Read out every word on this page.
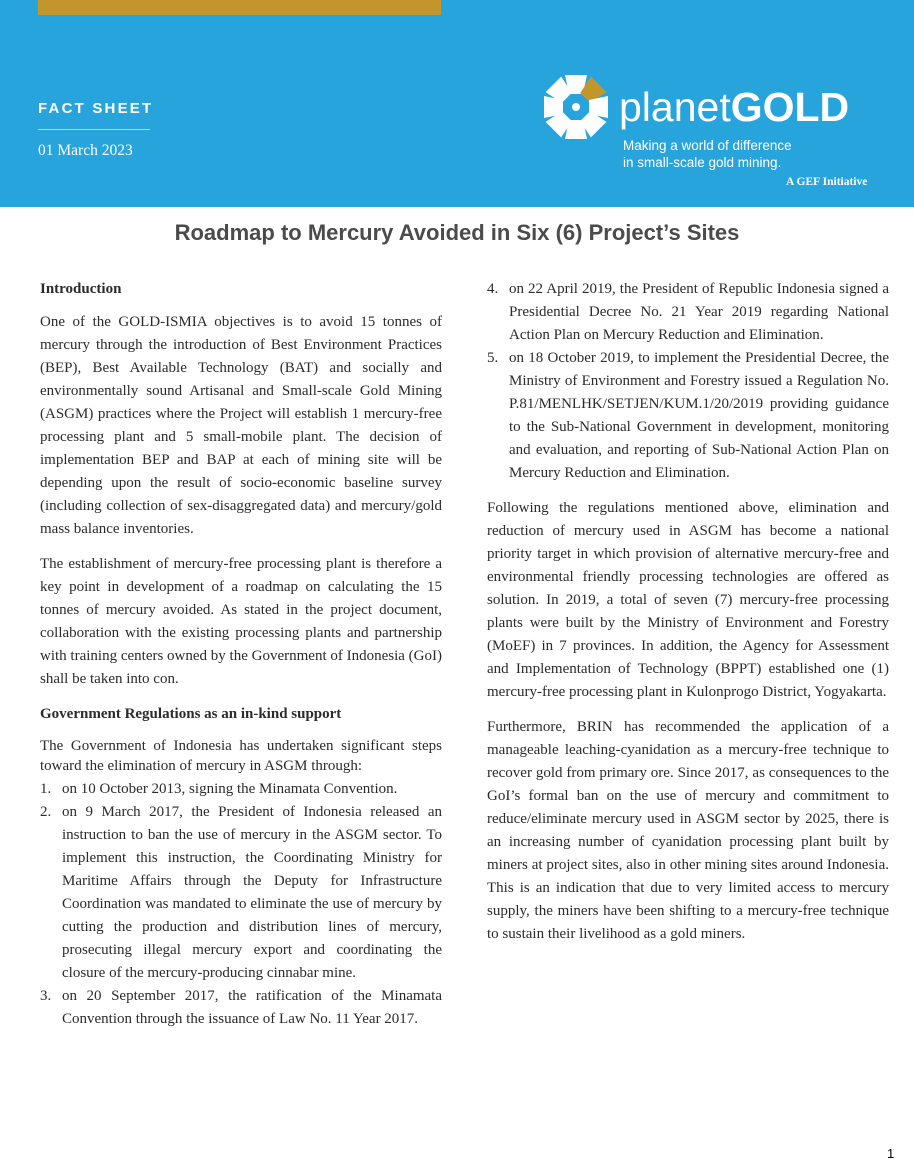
FACT SHEET
01 March 2023
planetGOLD
Making a world of difference
in small-scale gold mining.
A GEF Initiative
Roadmap to Mercury Avoided in Six (6) Project’s Sites
Introduction

One of the GOLD-ISMIA objectives is to avoid 15 tonnes of mercury through the introduction of Best Environment Practices (BEP), Best Available Technology (BAT) and socially and environmentally sound Artisanal and Small-scale Gold Mining (ASGM) practices where the Project will establish 1 mercury-free processing plant and 5 small-mobile plant. The decision of implementation BEP and BAP at each of mining site will be depending upon the result of socio-economic baseline survey (including collection of sex-disaggregated data) and mercury/gold mass balance inventories.

The establishment of mercury-free processing plant is therefore a key point in development of a roadmap on calculating the 15 tonnes of mercury avoided. As stated in the project document, collaboration with the existing processing plants and partnership with training centers owned by the Government of Indonesia (GoI) shall be taken into con.

Government Regulations as an in-kind support

The Government of Indonesia has undertaken significant steps toward the elimination of mercury in ASGM through:

1. on 10 October 2013, signing the Minamata Convention.
2. on 9 March 2017, the President of Indonesia released an instruction to ban the use of mercury in the ASGM sector. To implement this instruction, the Coordinating Ministry for Maritime Affairs through the Deputy for Infrastructure Coordination was mandated to eliminate the use of mercury by cutting the production and distribution lines of mercury, prosecuting illegal mercury export and coordinating the closure of the mercury-producing cinnabar mine.
3. on 20 September 2017, the ratification of the Minamata Convention through the issuance of Law No. 11 Year 2017.
4. on 22 April 2019, the President of Republic Indonesia signed a Presidential Decree No. 21 Year 2019 regarding National Action Plan on Mercury Reduction and Elimination.
5. on 18 October 2019, to implement the Presidential Decree, the Ministry of Environment and Forestry issued a Regulation No. P.81/MENLHK/SETJEN/KUM.1/20/2019 providing guidance to the Sub-National Government in development, monitoring and evaluation, and reporting of Sub-National Action Plan on Mercury Reduction and Elimination.

Following the regulations mentioned above, elimination and reduction of mercury used in ASGM has become a national priority target in which provision of alternative mercury-free and environmental friendly processing technologies are offered as solution. In 2019, a total of seven (7) mercury-free processing plants were built by the Ministry of Environment and Forestry (MoEF) in 7 provinces. In addition, the Agency for Assessment and Implementation of Technology (BPPT) established one (1) mercury-free processing plant in Kulonprogo District, Yogyakarta.

Furthermore, BRIN has recommended the application of a manageable leaching-cyanidation as a mercury-free technique to recover gold from primary ore. Since 2017, as consequences to the GoI’s formal ban on the use of mercury and commitment to reduce/eliminate mercury used in ASGM sector by 2025, there is an increasing number of cyanidation processing plant built by miners at project sites, also in other mining sites around Indonesia. This is an indication that due to very limited access to mercury supply, the miners have been shifting to a mercury-free technique to sustain their livelihood as a gold miners.

1
